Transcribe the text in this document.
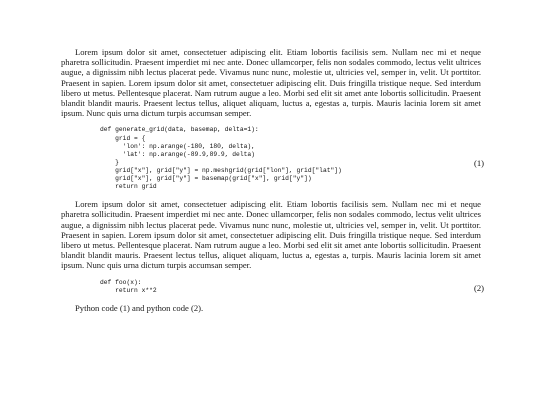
Lorem ipsum dolor sit amet, consectetuer adipiscing elit. Etiam lobortis facilisis sem. Nullam nec mi et neque pharetra sollicitudin. Praesent imperdiet mi nec ante. Donec ullamcorper, felis non sodales commodo, lectus velit ultrices augue, a dignissim nibh lectus placerat pede. Vivamus nunc nunc, molestie ut, ultricies vel, semper in, velit. Ut porttitor. Praesent in sapien. Lorem ipsum dolor sit amet, consectetuer adipiscing elit. Duis fringilla tristique neque. Sed interdum libero ut metus. Pellentesque placerat. Nam rutrum augue a leo. Morbi sed elit sit amet ante lobortis sollicitudin. Praesent blandit blandit mauris. Praesent lectus tellus, aliquet aliquam, luctus a, egestas a, turpis. Mauris lacinia lorem sit amet ipsum. Nunc quis urna dictum turpis accumsan semper.

def generate_grid(data, basemap, delta=1):
grid = {
'lon': np.arange(-180, 180, delta),
'lat': np.arange(-89.9,89.9, delta)
}
grid["x"], grid["y"] = np.meshgrid(grid["lon"], grid["lat"])
grid["x"], grid["y"] = basemap(grid["x"], grid["y"])
return grid
(1)

Lorem ipsum dolor sit amet, consectetuer adipiscing elit. Etiam lobortis facilisis sem. Nullam nec mi et neque pharetra sollicitudin. Praesent imperdiet mi nec ante. Donec ullamcorper, felis non sodales commodo, lectus velit ultrices augue, a dignissim nibh lectus placerat pede. Vivamus nunc nunc, molestie ut, ultricies vel, semper in, velit. Ut porttitor. Praesent in sapien. Lorem ipsum dolor sit amet, consectetuer adipiscing elit. Duis fringilla tristique neque. Sed interdum libero ut metus. Pellentesque placerat. Nam rutrum augue a leo. Morbi sed elit sit amet ante lobortis sollicitudin. Praesent blandit blandit mauris. Praesent lectus tellus, aliquet aliquam, luctus a, egestas a, turpis. Mauris lacinia lorem sit amet ipsum. Nunc quis urna dictum turpis accumsan semper.

def foo(x):
return x**2	(2)
Python code (1) and python code (2).
